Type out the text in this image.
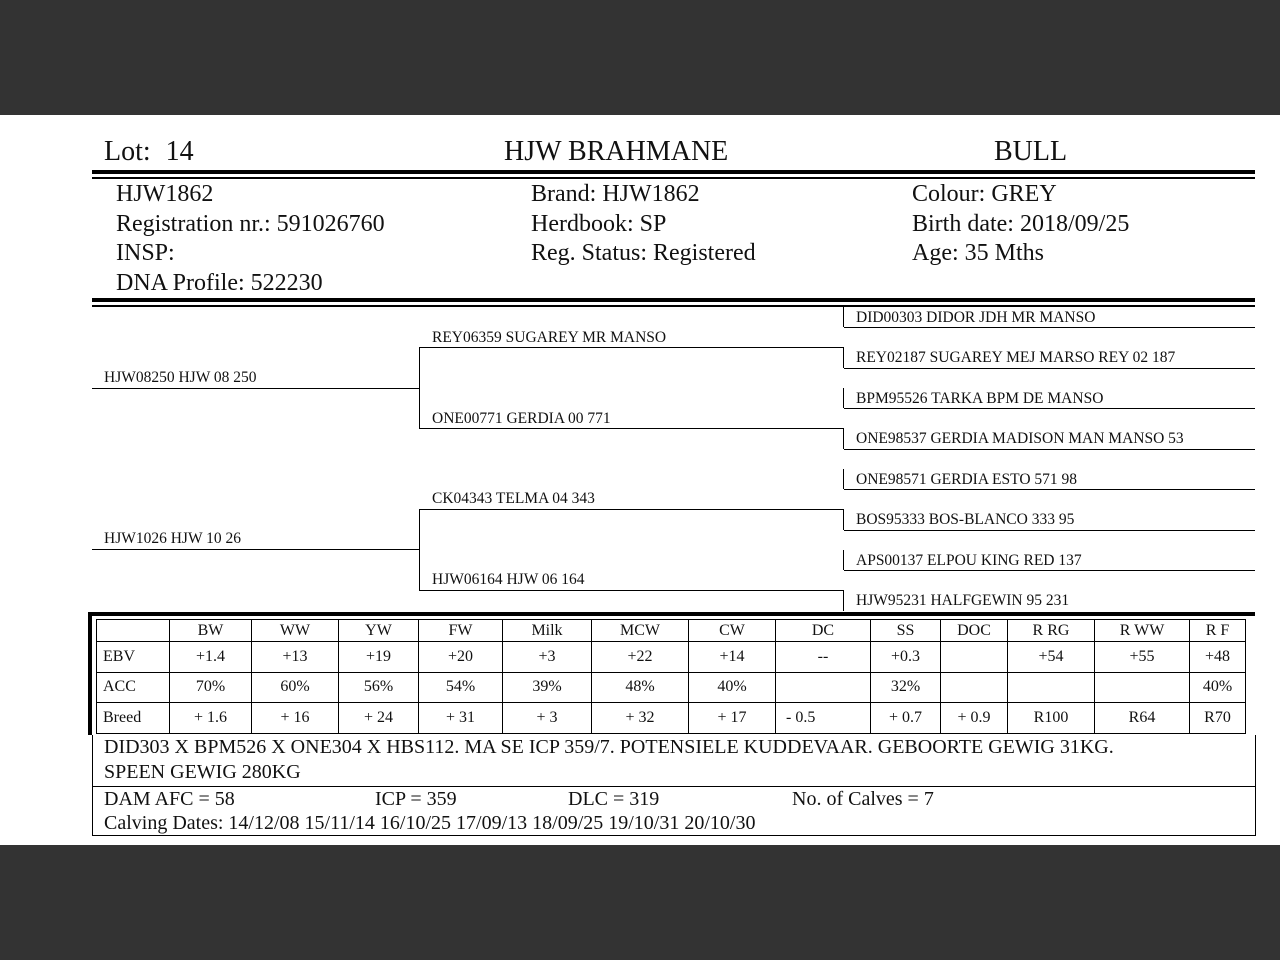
Lot: 14	HJW BRAHMANE	BULL
HJW1862
Registration nr.: 591026760
INSP:
DNA Profile: 522230
Brand: HJW1862
Herdbook: SP
Reg. Status: Registered
Colour: GREY
Birth date: 2018/09/25
Age: 35 Mths
HJW08250 HJW 08 250
HJW1026 HJW 10 26
REY06359 SUGAREY MR MANSO
ONE00771 GERDIA 00 771
CK04343 TELMA 04 343
HJW06164 HJW 06 164
DID00303 DIDOR JDH MR MANSO
REY02187 SUGAREY MEJ MARSO REY 02 187
BPM95526 TARKA BPM DE MANSO
ONE98537 GERDIA MADISON MAN MANSO 53
ONE98571 GERDIA ESTO 571 98
BOS95333 BOS-BLANCO 333 95
APS00137 ELPOU KING RED 137
HJW95231 HALFGEWIN 95 231
	BW	WW	YW	FW	Milk	MCW	CW	DC	SS	DOC	R RG	R WW	R F
EBV	+1.4	+13	+19	+20	+3	+22	+14	--	+0.3		+54	+55	+48
ACC	70%	60%	56%	54%	39%	48%	40%		32%				40%
Breed	+ 1.6	+ 16	+ 24	+ 31	+ 3	+ 32	+ 17	- 0.5	+ 0.7	+ 0.9	R100	R64	R70
DID303 X BPM526 X ONE304 X HBS112. MA SE ICP 359/7. POTENSIELE KUDDEVAAR. GEBOORTE GEWIG 31KG.
SPEEN GEWIG 280KG
DAM AFC = 58	ICP = 359	DLC = 319	No. of Calves = 7
Calving Dates: 14/12/08 15/11/14 16/10/25 17/09/13 18/09/25 19/10/31 20/10/30
